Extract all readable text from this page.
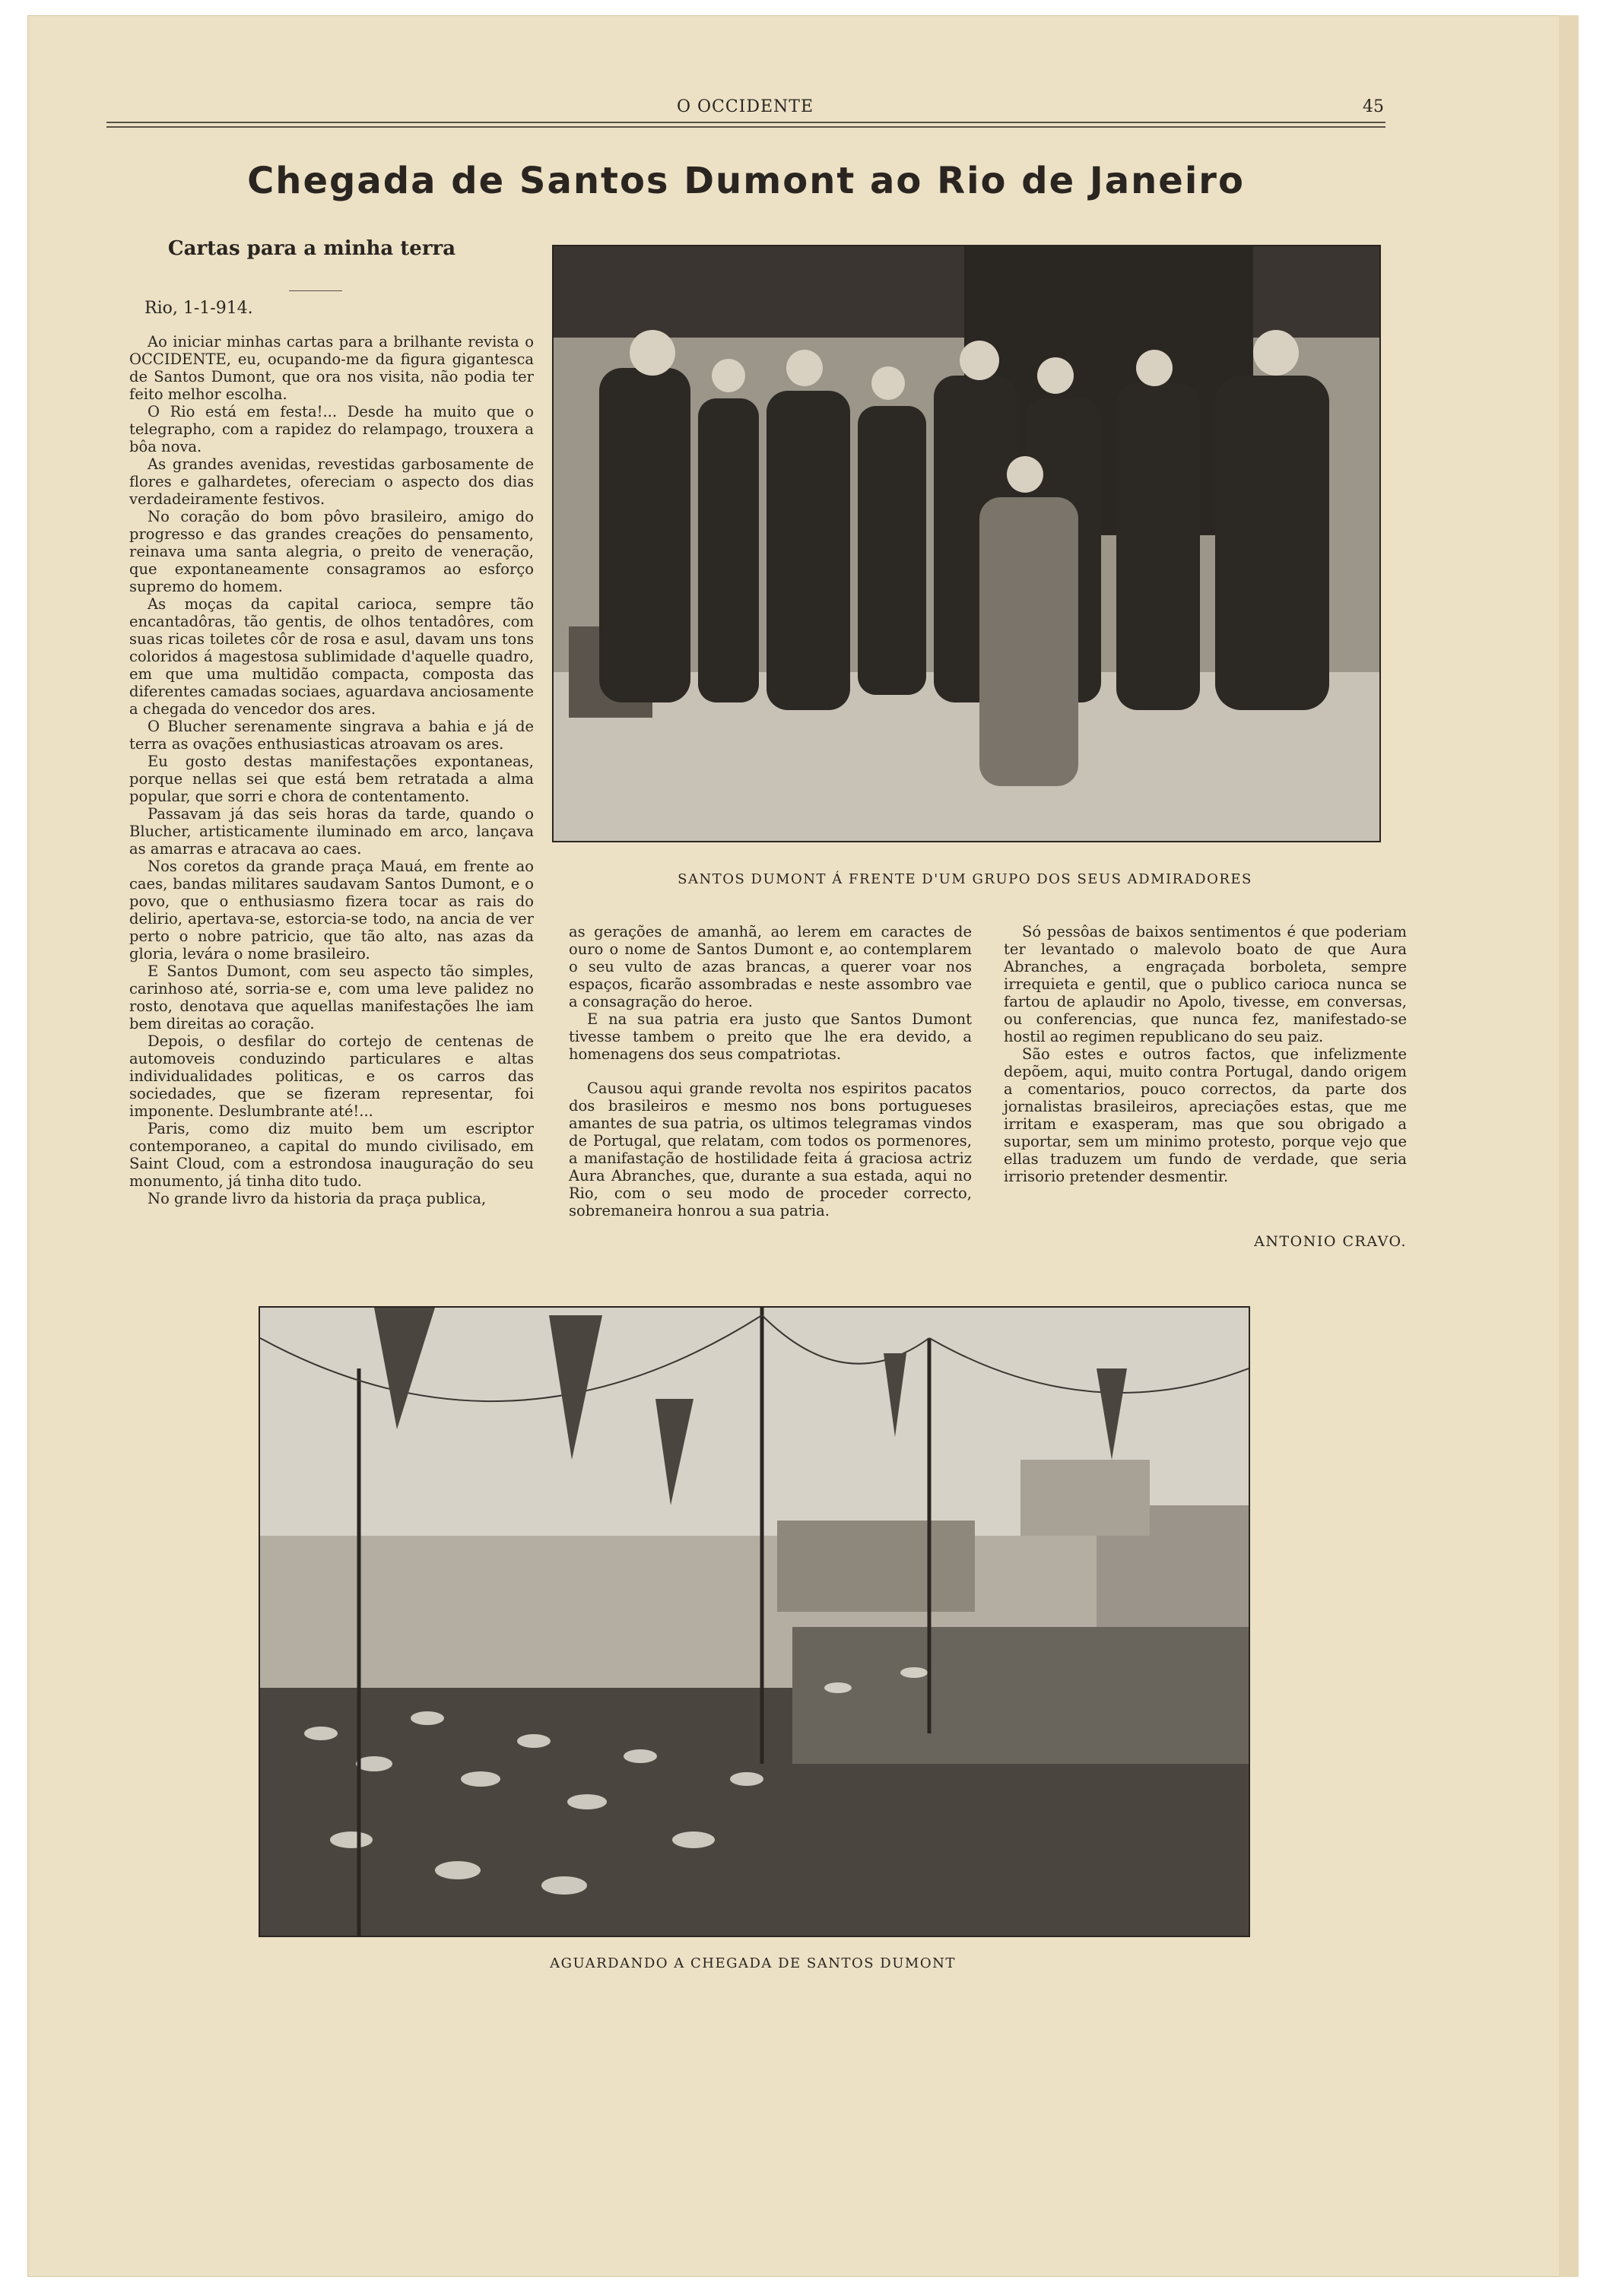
O OCCIDENTE	45
Chegada de Santos Dumont ao Rio de Janeiro
Cartas para a minha terra
Rio, 1-1-914.

Ao iniciar minhas cartas para a brilhante revista o OCCIDENTE, eu, ocupando-me da figura gigantesca de Santos Dumont, que ora nos visita, não podia ter feito melhor escolha.

O Rio está em festa!... Desde ha muito que o telegrapho, com a rapidez do relampago, trouxera a bôa nova.

As grandes avenidas, revestidas garbosamente de flores e galhardetes, ofereciam o aspecto dos dias verdadeiramente festivos.

No coração do bom pôvo brasileiro, amigo do progresso e das grandes creações do pensamento, reinava uma santa alegria, o preito de veneração, que expontaneamente consagramos ao esforço supremo do homem.

As moças da capital carioca, sempre tão encantadôras, tão gentis, de olhos tentadôres, com suas ricas toiletes côr de rosa e asul, davam uns tons coloridos á magestosa sublimidade d'aquelle quadro, em que uma multidão compacta, composta das diferentes camadas sociaes, aguardava anciosamente a chegada do vencedor dos ares.

O Blucher serenamente singrava a bahia e já de terra as ovações enthusiasticas atroavam os ares.

Eu gosto destas manifestações expontaneas, porque nellas sei que está bem retratada a alma popular, que sorri e chora de contentamento.

Passavam já das seis horas da tarde, quando o Blucher, artisticamente iluminado em arco, lançava as amarras e atracava ao caes.

Nos coretos da grande praça Mauá, em frente ao caes, bandas militares saudavam Santos Dumont, e o povo, que o enthusiasmo fizera tocar as rais do delirio, apertava-se, estorcia-se todo, na ancia de ver perto o nobre patricio, que tão alto, nas azas da gloria, levára o nome brasileiro.

E Santos Dumont, com seu aspecto tão simples, carinhoso até, sorria-se e, com uma leve palidez no rosto, denotava que aquellas manifestações lhe iam bem direitas ao coração.

Depois, o desfilar do cortejo de centenas de automoveis conduzindo particulares e altas individualidades politicas, e os carros das sociedades, que se fizeram representar, foi imponente. Deslumbrante até!...

Paris, como diz muito bem um escriptor contemporaneo, a capital do mundo civilisado, em Saint Cloud, com a estrondosa inauguração do seu monumento, já tinha dito tudo.

No grande livro da historia da praça publica,

SANTOS DUMONT Á FRENTE D'UM GRUPO DOS SEUS ADMIRADORES

as gerações de amanhã, ao lerem em caractes de ouro o nome de Santos Dumont e, ao contemplarem o seu vulto de azas brancas, a querer voar nos espaços, ficarão assombradas e neste assombro vae a consagração do heroe.

E na sua patria era justo que Santos Dumont tivesse tambem o preito que lhe era devido, a homenagens dos seus compatriotas.

Causou aqui grande revolta nos espiritos pacatos dos brasileiros e mesmo nos bons portugueses amantes de sua patria, os ultimos telegramas vindos de Portugal, que relatam, com todos os pormenores, a manifastação de hostilidade feita á graciosa actriz Aura Abranches, que, durante a sua estada, aqui no Rio, com o seu modo de proceder correcto, sobremaneira honrou a sua patria.

Só pessôas de baixos sentimentos é que poderiam ter levantado o malevolo boato de que Aura Abranches, a engraçada borboleta, sempre irrequieta e gentil, que o publico carioca nunca se fartou de aplaudir no Apolo, tivesse, em conversas, ou conferencias, que nunca fez, manifestado-se hostil ao regimen republicano do seu paiz.

São estes e outros factos, que infelizmente depõem, aqui, muito contra Portugal, dando origem a comentarios, pouco correctos, da parte dos jornalistas brasileiros, apreciações estas, que me irritam e exasperam, mas que sou obrigado a suportar, sem um minimo protesto, porque vejo que ellas traduzem um fundo de verdade, que seria irrisorio pretender desmentir.

ANTONIO CRAVO.
AGUARDANDO A CHEGADA DE SANTOS DUMONT
